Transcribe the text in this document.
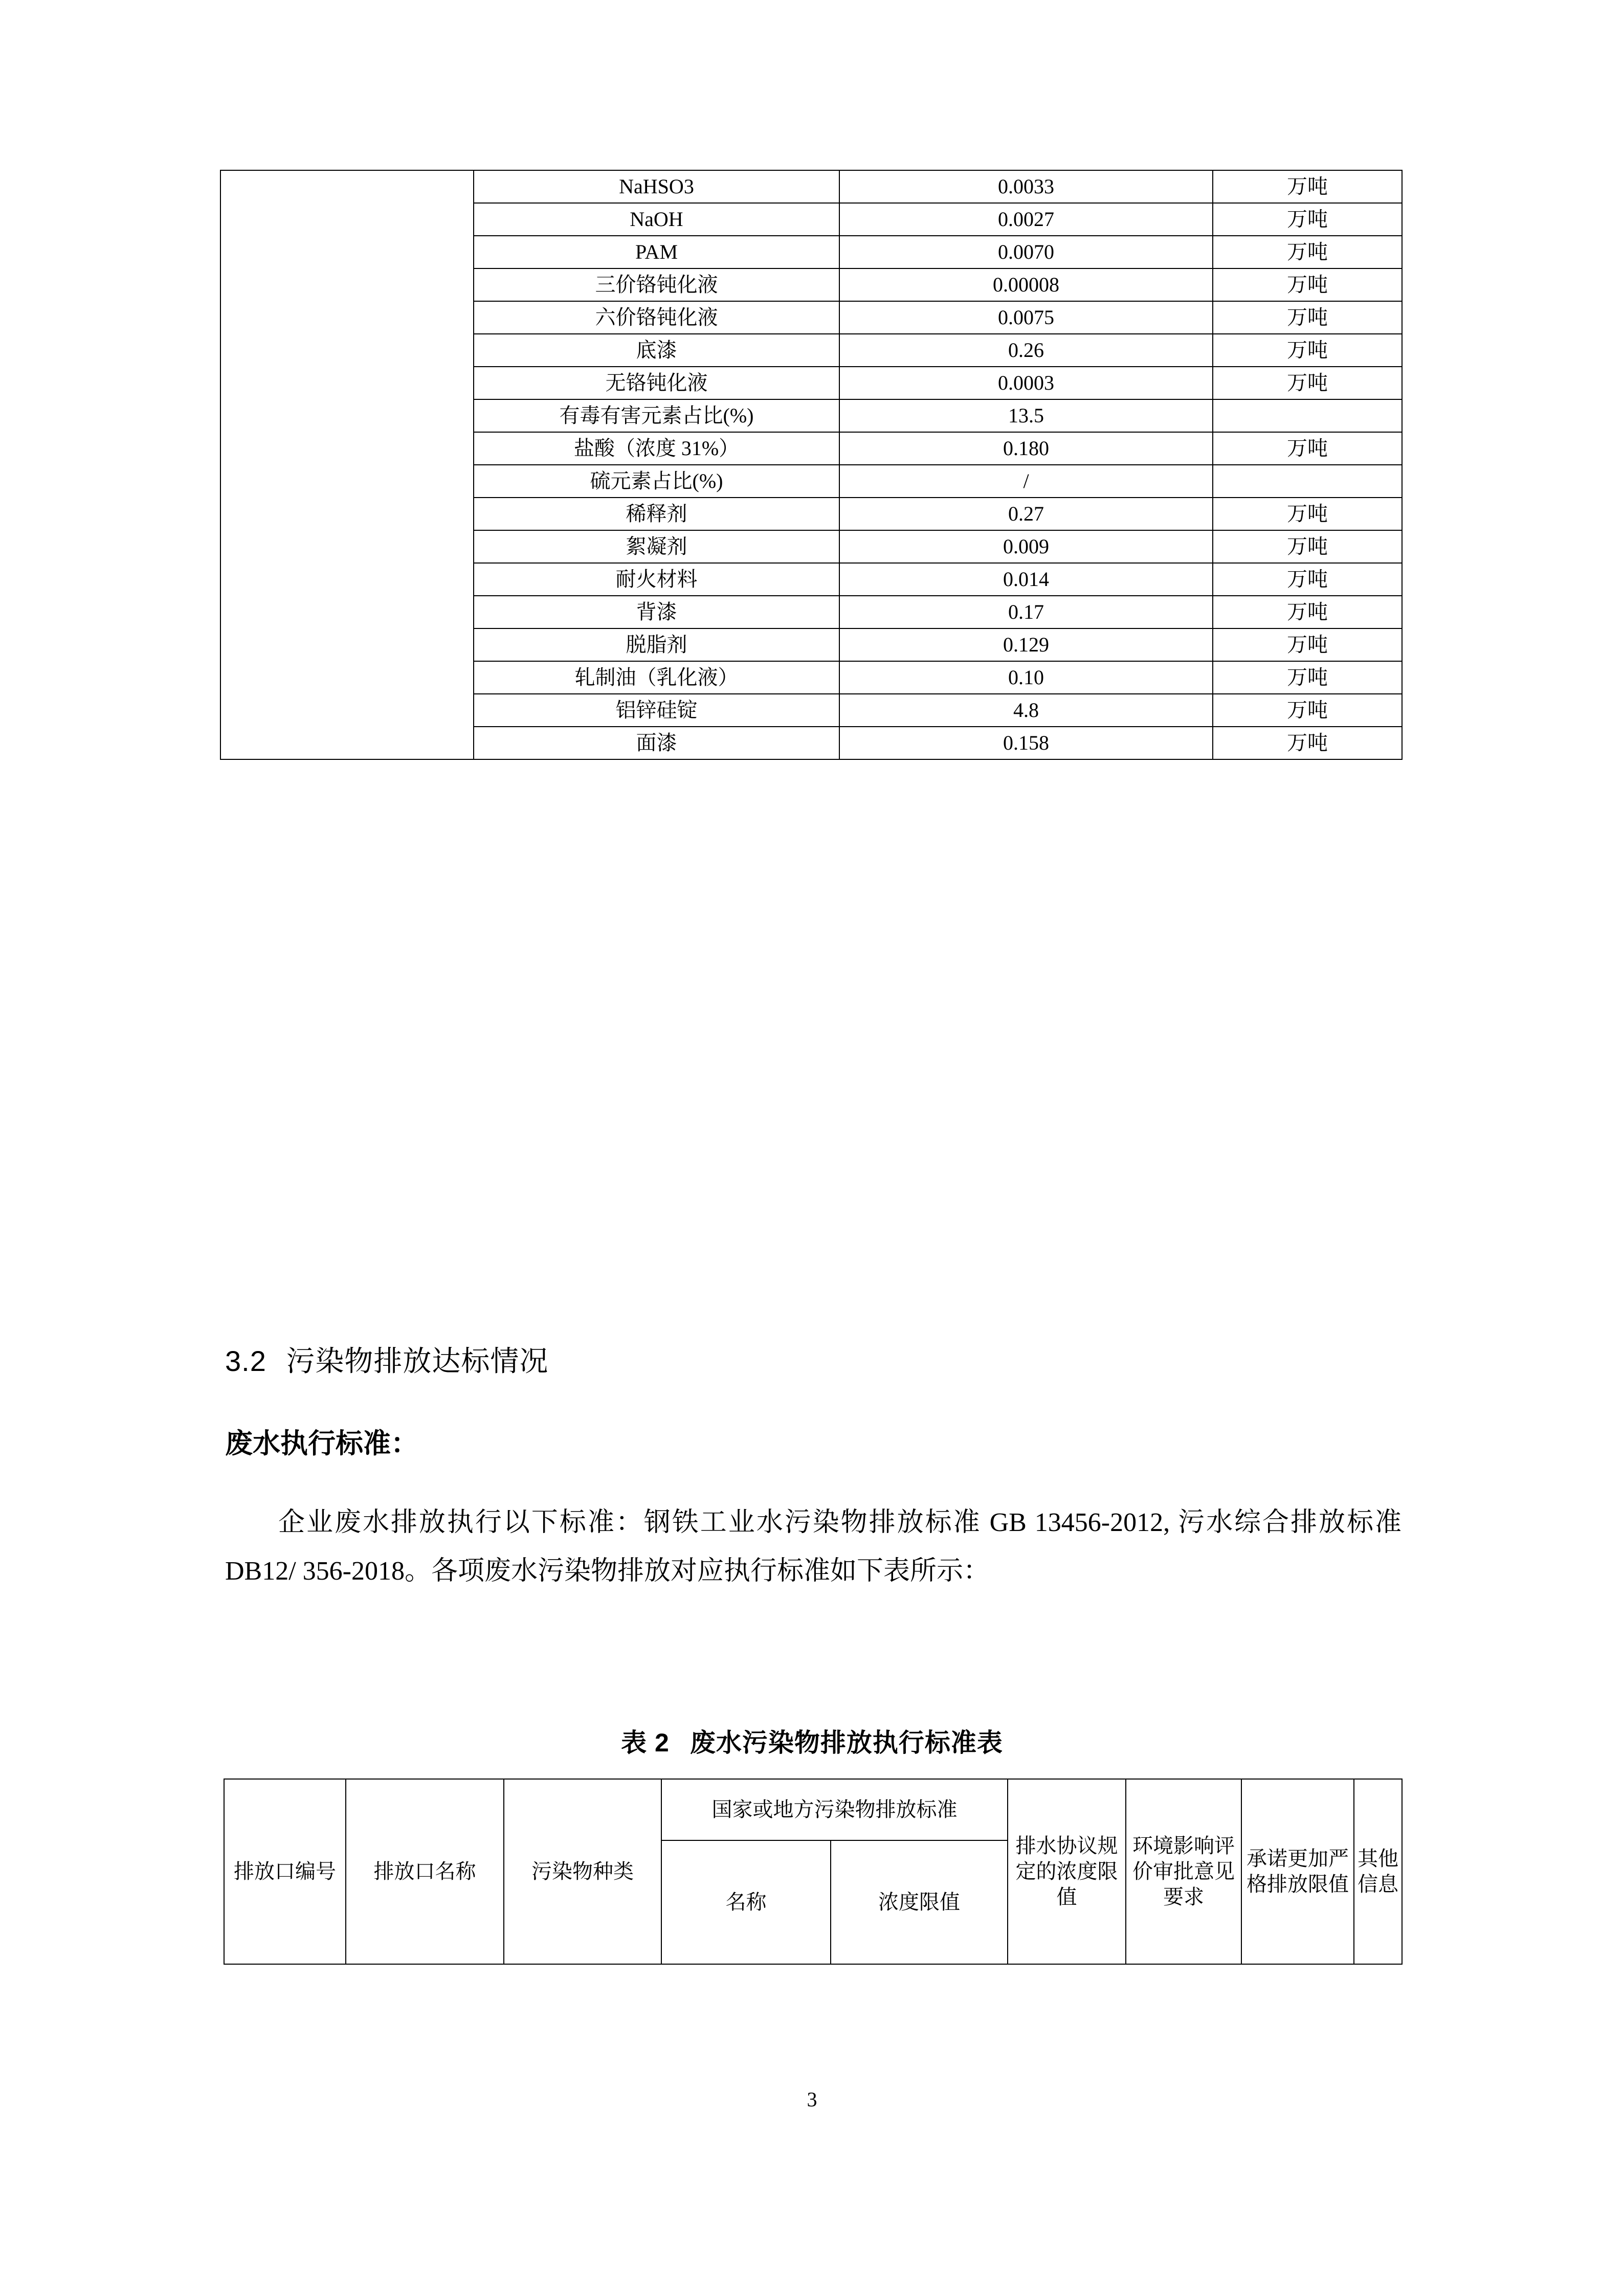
	NaHSO3	0.0033	万吨
	NaOH	0.0027	万吨
	PAM	0.0070	万吨
	三价铬钝化液	0.00008	万吨
	六价铬钝化液	0.0075	万吨
	底漆	0.26	万吨
	无铬钝化液	0.0003	万吨
	有毒有害元素占比(%)	13.5	
	盐酸（浓度 31%）	0.180	万吨
	硫元素占比(%)	/	
	稀释剂	0.27	万吨
	絮凝剂	0.009	万吨
	耐火材料	0.014	万吨
	背漆	0.17	万吨
	脱脂剂	0.129	万吨
	轧制油（乳化液）	0.10	万吨
	铝锌硅锭	4.8	万吨
	面漆	0.158	万吨
3.2 污染物排放达标情况
废水执行标准：
企业废水排放执行以下标准：钢铁工业水污染物排放标准 GB 13456-2012, 污水综合排放标准 DB12/ 356-2018。各项废水污染物排放对应执行标准如下表所示：
表 2 废水污染物排放执行标准表
排放口编号	排放口名称	污染物种类	国家或地方污染物排放标准		排水协议规定的浓度限值	环境影响评价审批意见要求	承诺更加严格排放限值	其他信息
			名称	浓度限值				
3
